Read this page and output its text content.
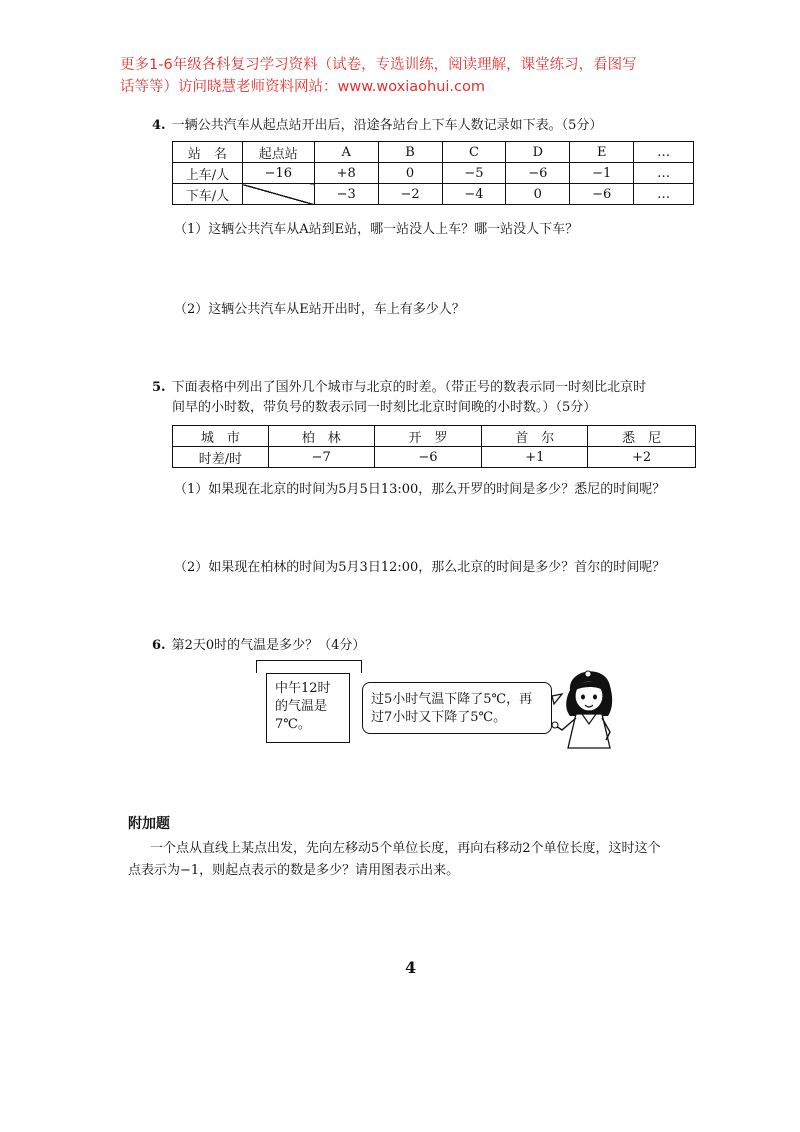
更多1-6年级各科复习学习资料（试卷，专选训练，阅读理解，课堂练习，看图写
话等等）访问晓慧老师资料网站：www.woxiaohui.com
4. 一辆公共汽车从起点站开出后，沿途各站台上下车人数记录如下表。（5分）
站　名	起点站	A	B	C	D	E	…
上车/人	−16	+8	0	−5	−6	−1	…
下车/人		−3	−2	−4	0	−6	…
（1）这辆公共汽车从A站到E站，哪一站没人上车？哪一站没人下车？
（2）这辆公共汽车从E站开出时，车上有多少人？
5. 下面表格中列出了国外几个城市与北京的时差。（带正号的数表示同一时刻比北京时
间早的小时数，带负号的数表示同一时刻比北京时间晚的小时数。）（5分）
城　市	柏　林	开　罗	首　尔	悉　尼
时差/时	−7	−6	+1	+2
（1）如果现在北京的时间为5月5日13:00，那么开罗的时间是多少？悉尼的时间呢？
（2）如果现在柏林的时间为5月3日12:00，那么北京的时间是多少？首尔的时间呢？
6. 第2天0时的气温是多少？（4分）
中午12时
的气温是
7℃。
过5小时气温下降了5℃，再
过7小时又下降了5℃。
附加题
一个点从直线上某点出发，先向左移动5个单位长度，再向右移动2个单位长度，这时这个
点表示为−1，则起点表示的数是多少？请用图表示出来。
4
